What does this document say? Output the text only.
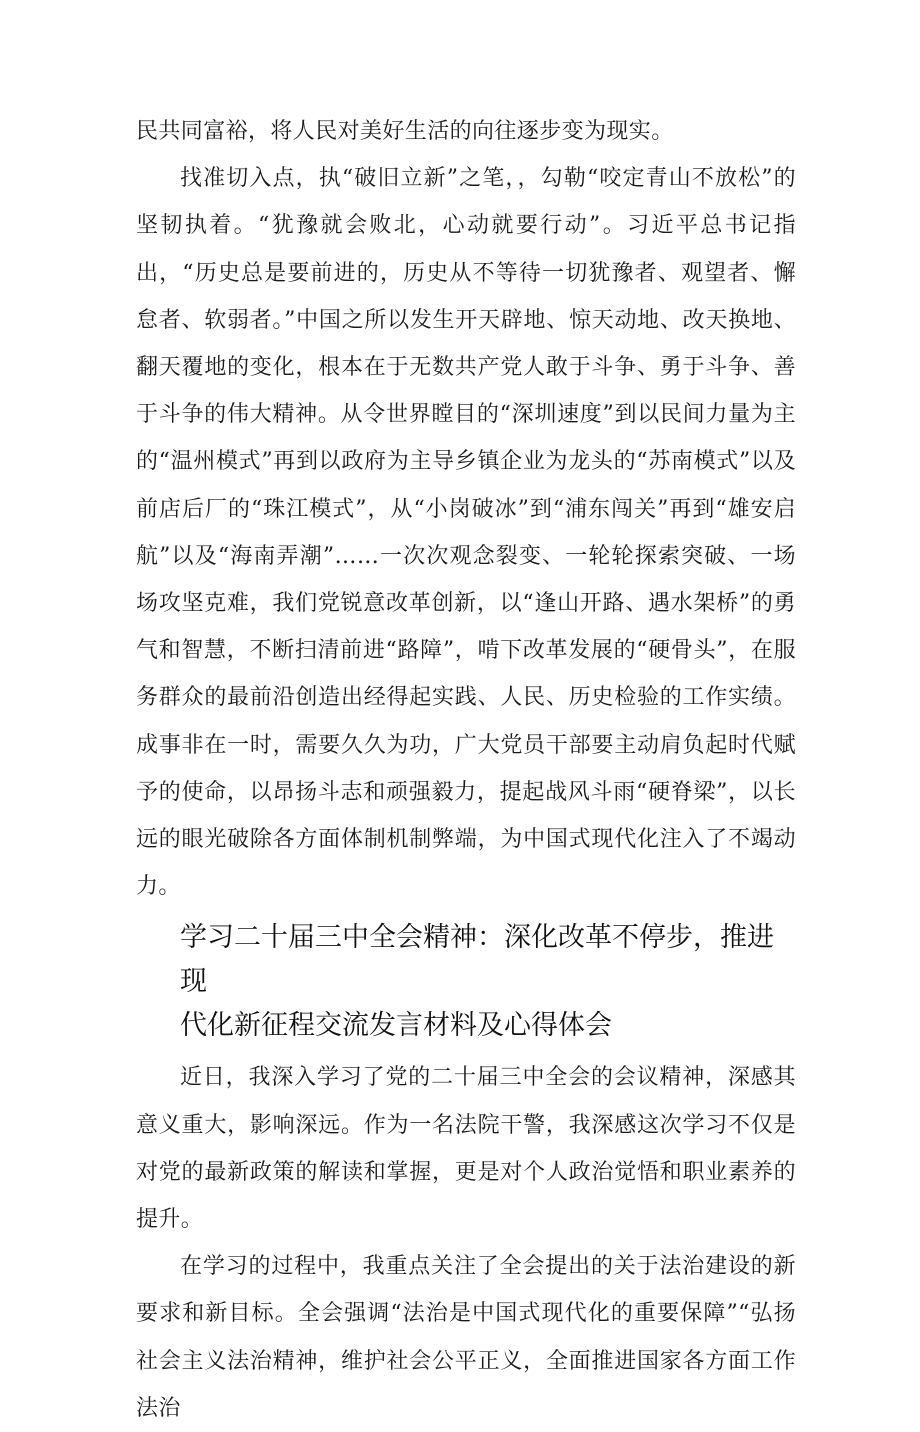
民共同富裕，将人民对美好生活的向往逐步变为现实。

找准切入点，执“破旧立新”之笔，，勾勒“咬定青山不放松”的坚韧执着。“犹豫就会败北，心动就要行动”。习近平总书记指出，“历史总是要前进的，历史从不等待一切犹豫者、观望者、懈怠者、软弱者。”中国之所以发生开天辟地、惊天动地、改天换地、翻天覆地的变化，根本在于无数共产党人敢于斗争、勇于斗争、善于斗争的伟大精神。从令世界瞠目的“深圳速度”到以民间力量为主的“温州模式”再到以政府为主导乡镇企业为龙头的“苏南模式”以及前店后厂的“珠江模式”，从“小岗破冰”到“浦东闯关”再到“雄安启航”以及“海南弄潮”……一次次观念裂变、一轮轮探索突破、一场场攻坚克难，我们党锐意改革创新，以“逢山开路、遇水架桥”的勇气和智慧，不断扫清前进“路障”，啃下改革发展的“硬骨头”，在服务群众的最前沿创造出经得起实践、人民、历史检验的工作实绩。成事非在一时，需要久久为功，广大党员干部要主动肩负起时代赋予的使命，以昂扬斗志和顽强毅力，提起战风斗雨“硬脊梁”，以长远的眼光破除各方面体制机制弊端，为中国式现代化注入了不竭动力。

学习二十届三中全会精神：深化改革不停步，推进现
代化新征程交流发言材料及心得体会

近日，我深入学习了党的二十届三中全会的会议精神，深感其意义重大，影响深远。作为一名法院干警，我深感这次学习不仅是对党的最新政策的解读和掌握，更是对个人政治觉悟和职业素养的提升。

在学习的过程中，我重点关注了全会提出的关于法治建设的新要求和新目标。全会强调“法治是中国式现代化的重要保障”“弘扬社会主义法治精神，维护社会公平正义，全面推进国家各方面工作法治
